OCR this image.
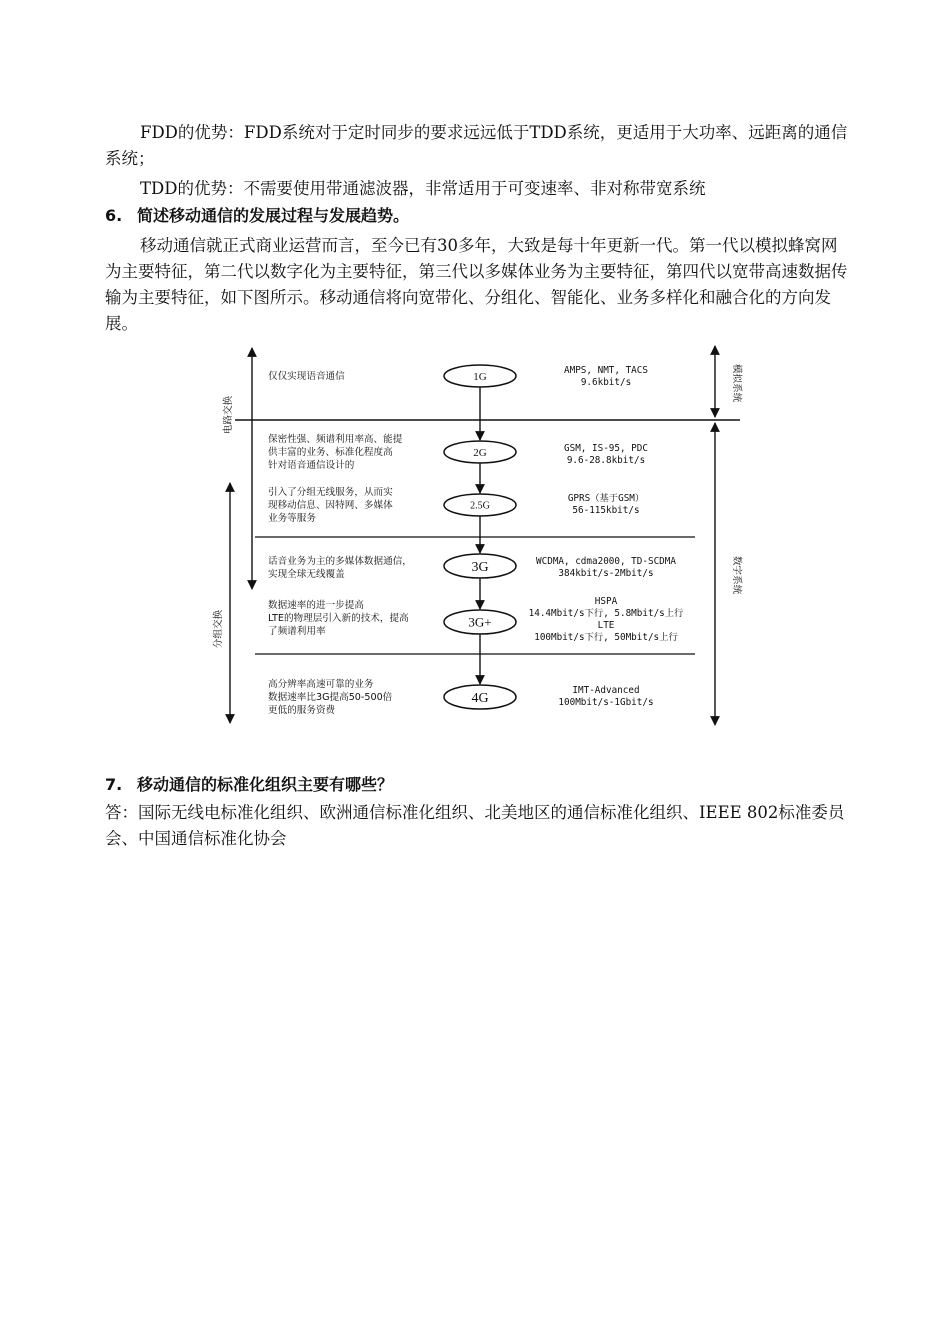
FDD的优势：FDD系统对于定时同步的要求远远低于TDD系统，更适用于大功率、远距离的通信系统；

TDD的优势：不需要使用带通滤波器，非常适用于可变速率、非对称带宽系统

6. 简述移动通信的发展过程与发展趋势。

移动通信就正式商业运营而言，至今已有30多年，大致是每十年更新一代。第一代以模拟蜂窝网为主要特征，第二代以数字化为主要特征，第三代以多媒体业务为主要特征，第四代以宽带高速数据传输为主要特征，如下图所示。移动通信将向宽带化、分组化、智能化、业务多样化和融合化的方向发展。

电路交换
分组交换
模拟系统
数字系统
1G
仅仅实现语音通信
AMPS, NMT, TACS
9.6kbit/s
2G
保密性强、频谱利用率高、能提
供丰富的业务、标准化程度高
针对语音通信设计的
GSM, IS-95, PDC
9.6-28.8kbit/s
2.5G
引入了分组无线服务，从而实
现移动信息、因特网、多媒体
业务等服务
GPRS（基于GSM）
56-115kbit/s
3G
话音业务为主的多媒体数据通信，
实现全球无线覆盖
WCDMA, cdma2000, TD-SCDMA
384kbit/s-2Mbit/s
3G+
数据速率的进一步提高
LTE的物理层引入新的技术，提高
了频谱利用率
HSPA
14.4Mbit/s下行, 5.8Mbit/s上行
LTE
100Mbit/s下行, 50Mbit/s上行
4G
高分辨率高速可靠的业务
数据速率比3G提高50-500倍
更低的服务资费
IMT-Advanced
100Mbit/s-1Gbit/s

7. 移动通信的标准化组织主要有哪些？

答：国际无线电标准化组织、欧洲通信标准化组织、北美地区的通信标准化组织、IEEE 802标准委员会、中国通信标准化协会
